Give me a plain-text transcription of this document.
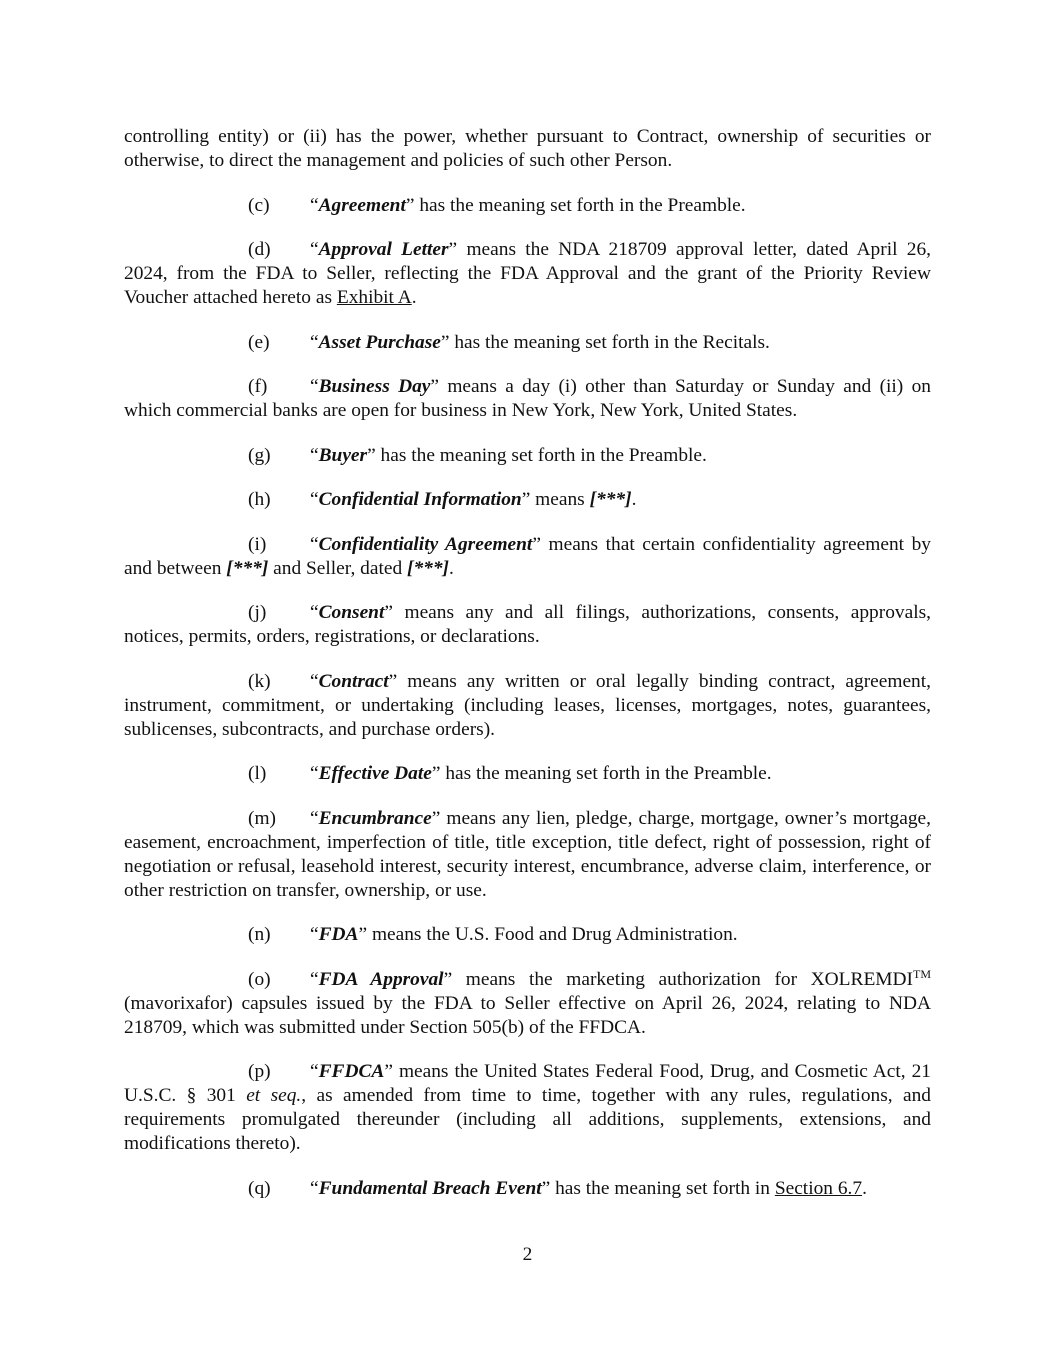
controlling entity) or (ii) has the power, whether pursuant to Contract, ownership of securities or otherwise, to direct the management and policies of such other Person.

(c) “Agreement” has the meaning set forth in the Preamble.

(d) “Approval Letter” means the NDA 218709 approval letter, dated April 26, 2024, from the FDA to Seller, reflecting the FDA Approval and the grant of the Priority Review Voucher attached hereto as Exhibit A.

(e) “Asset Purchase” has the meaning set forth in the Recitals.

(f) “Business Day” means a day (i) other than Saturday or Sunday and (ii) on which commercial banks are open for business in New York, New York, United States.

(g) “Buyer” has the meaning set forth in the Preamble.

(h) “Confidential Information” means [***].

(i) “Confidentiality Agreement” means that certain confidentiality agreement by and between [***] and Seller, dated [***].

(j) “Consent” means any and all filings, authorizations, consents, approvals, notices, permits, orders, registrations, or declarations.

(k) “Contract” means any written or oral legally binding contract, agreement, instrument, commitment, or undertaking (including leases, licenses, mortgages, notes, guarantees, sublicenses, subcontracts, and purchase orders).

(l) “Effective Date” has the meaning set forth in the Preamble.

(m) “Encumbrance” means any lien, pledge, charge, mortgage, owner’s mortgage, easement, encroachment, imperfection of title, title exception, title defect, right of possession, right of negotiation or refusal, leasehold interest, security interest, encumbrance, adverse claim, interference, or other restriction on transfer, ownership, or use.

(n) “FDA” means the U.S. Food and Drug Administration.

(o) “FDA Approval” means the marketing authorization for XOLREMDI™ (mavorixafor) capsules issued by the FDA to Seller effective on April 26, 2024, relating to NDA 218709, which was submitted under Section 505(b) of the FFDCA.

(p) “FFDCA” means the United States Federal Food, Drug, and Cosmetic Act, 21 U.S.C. § 301 et seq., as amended from time to time, together with any rules, regulations, and requirements promulgated thereunder (including all additions, supplements, extensions, and modifications thereto).

(q) “Fundamental Breach Event” has the meaning set forth in Section 6.7.

2
